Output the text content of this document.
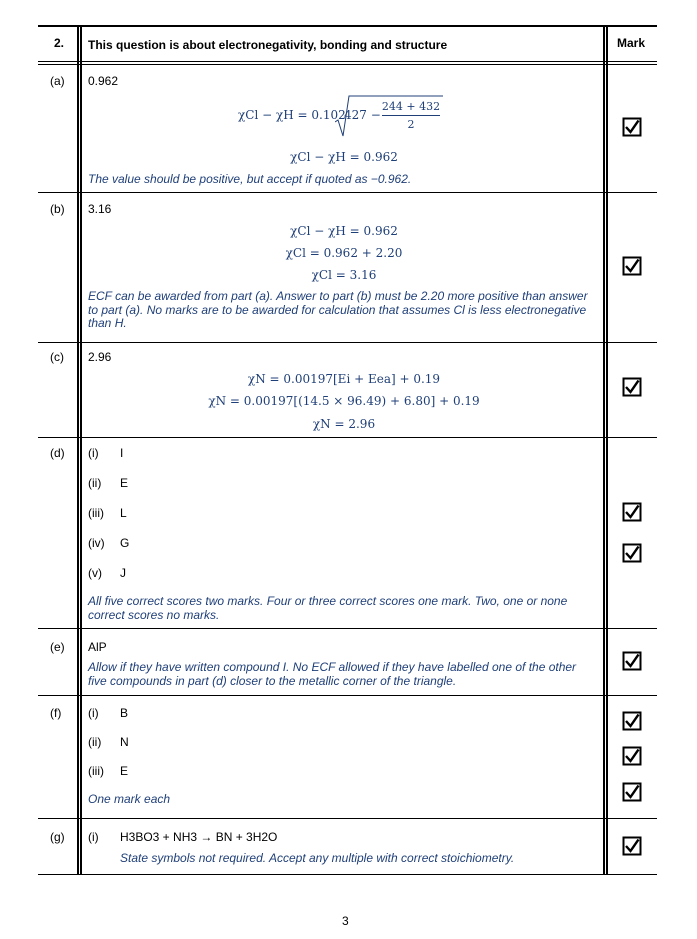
2. This question is about electronegativity, bonding and structure	Mark
(a) 0.962
χCl − χH = 0.102
427 −
244 + 432
2
χCl − χH = 0.962
The value should be positive, but accept if quoted as −0.962.
(b) 3.16
χCl − χH = 0.962
χCl = 0.962 + 2.20
χCl = 3.16
ECF can be awarded from part (a). Answer to part (b) must be 2.20 more positive than answer to part (a). No marks are to be awarded for calculation that assumes Cl is less electronegative than H.
(c) 2.96
χN = 0.00197[Ei + Eea] + 0.19
χN = 0.00197[(14.5 × 96.49) + 6.80] + 0.19
χN = 2.96
(d) (i) I
(ii) E
(iii) L
(iv) G
(v) J
All five correct scores two marks. Four or three correct scores one mark. Two, one or none correct scores no marks.
(e) AlP
Allow if they have written compound I. No ECF allowed if they have labelled one of the other five compounds in part (d) closer to the metallic corner of the triangle.
(f) (i) B
(ii) N
(iii) E
One mark each
(g) (i) H3BO3 + NH3 → BN + 3H2O
State symbols not required. Accept any multiple with correct stoichiometry.
3
